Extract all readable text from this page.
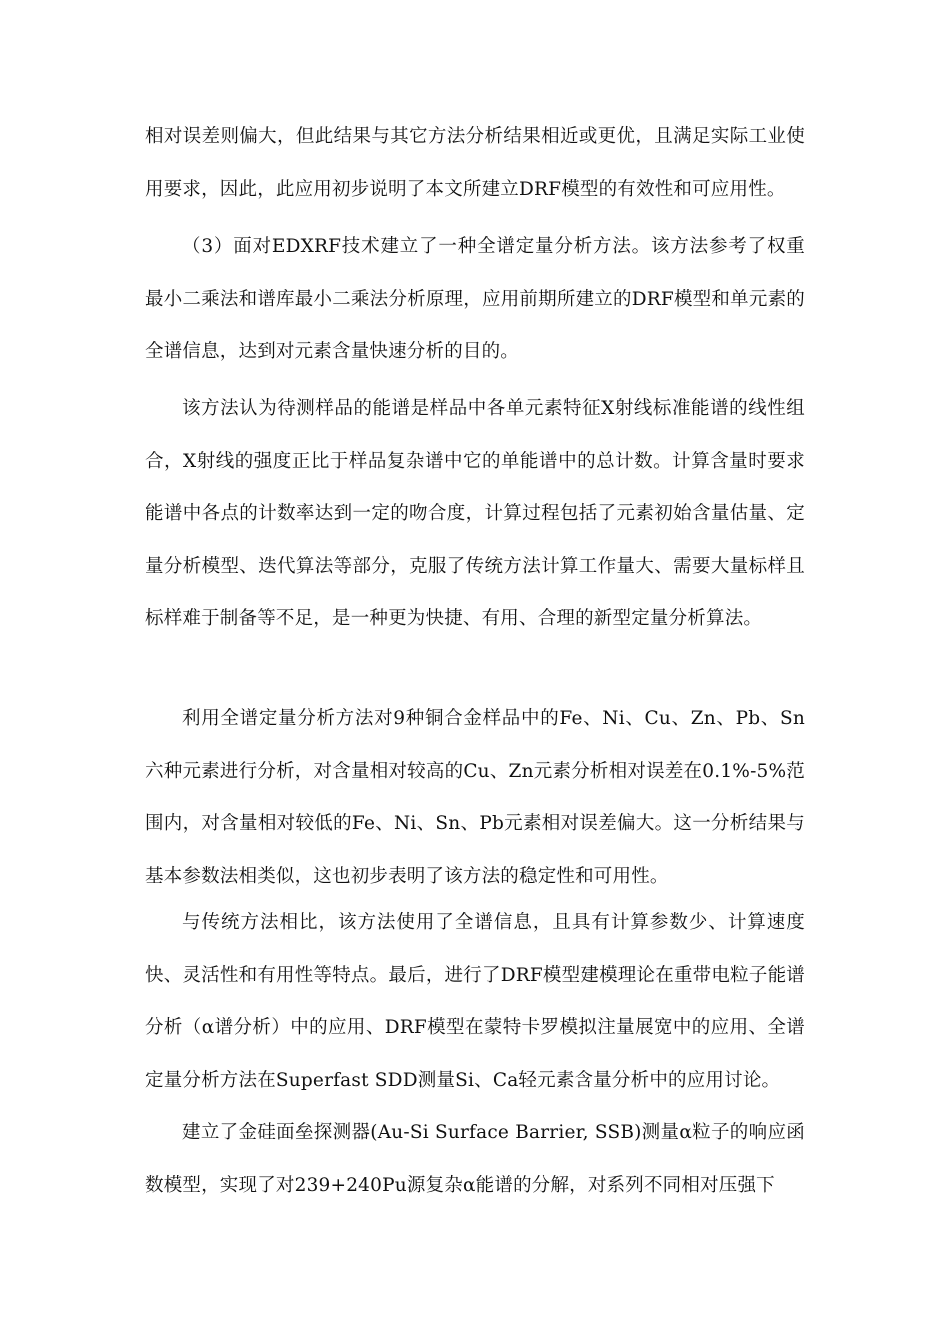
相对误差则偏大，但此结果与其它方法分析结果相近或更优，且满足实际工业使用要求，因此，此应用初步说明了本文所建立DRF模型的有效性和可应用性。

（3）面对EDXRF技术建立了一种全谱定量分析方法。该方法参考了权重最小二乘法和谱库最小二乘法分析原理，应用前期所建立的DRF模型和单元素的全谱信息，达到对元素含量快速分析的目的。

该方法认为待测样品的能谱是样品中各单元素特征X射线标准能谱的线性组合，X射线的强度正比于样品复杂谱中它的单能谱中的总计数。计算含量时要求能谱中各点的计数率达到一定的吻合度，计算过程包括了元素初始含量估量、定量分析模型、迭代算法等部分，克服了传统方法计算工作量大、需要大量标样且标样难于制备等不足，是一种更为快捷、有用、合理的新型定量分析算法。

利用全谱定量分析方法对9种铜合金样品中的Fe、Ni、Cu、Zn、Pb、Sn六种元素进行分析，对含量相对较高的Cu、Zn元素分析相对误差在0.1%-5%范围内，对含量相对较低的Fe、Ni、Sn、Pb元素相对误差偏大。这一分析结果与基本参数法相类似，这也初步表明了该方法的稳定性和可用性。

与传统方法相比，该方法使用了全谱信息，且具有计算参数少、计算速度快、灵活性和有用性等特点。最后，进行了DRF模型建模理论在重带电粒子能谱分析（α谱分析）中的应用、DRF模型在蒙特卡罗模拟注量展宽中的应用、全谱定量分析方法在Superfast SDD测量Si、Ca轻元素含量分析中的应用讨论。

建立了金硅面垒探测器(Au-Si Surface Barrier, SSB)测量α粒子的响应函数模型，实现了对239+240Pu源复杂α能谱的分解，对系列不同相对压强下
